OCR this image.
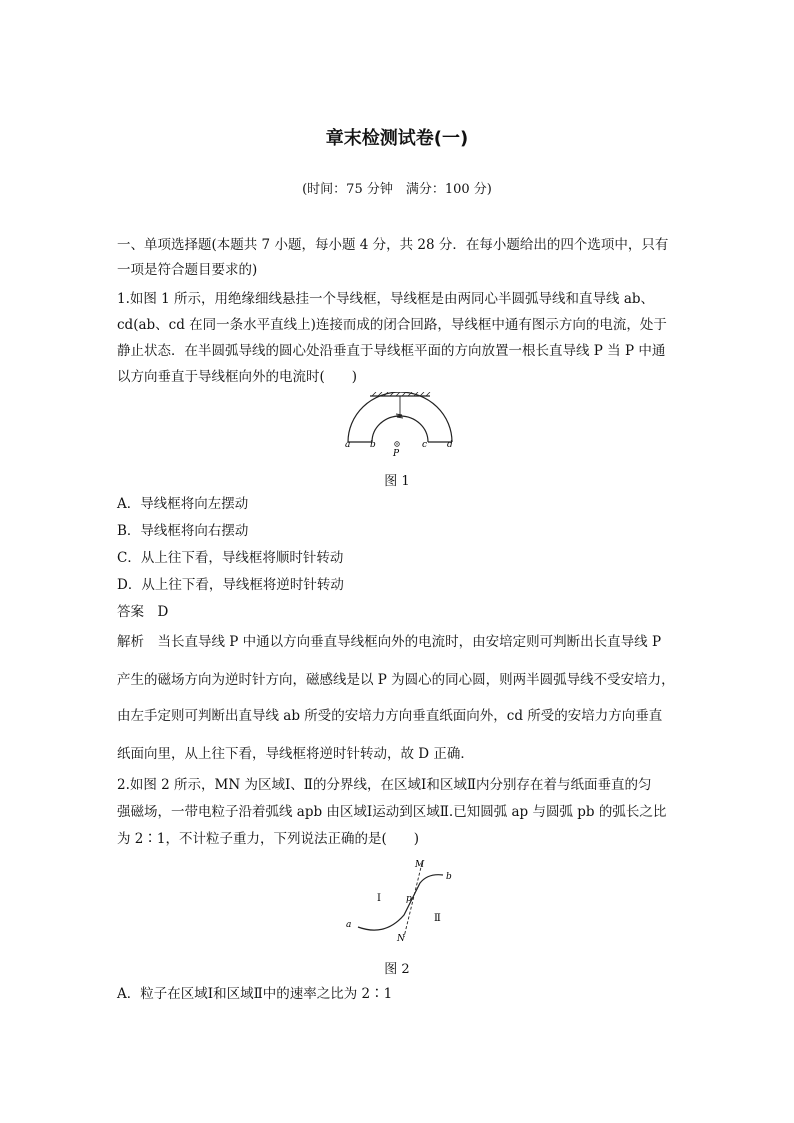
章末检测试卷(一)
(时间：75 分钟　满分：100 分)
一、单项选择题(本题共 7 小题，每小题 4 分，共 28 分．在每小题给出的四个选项中，只有
一项是符合题目要求的)
1.如图 1 所示，用绝缘细线悬挂一个导线框，导线框是由两同心半圆弧导线和直导线 ab、
cd(ab、cd 在同一条水平直线上)连接而成的闭合回路，导线框中通有图示方向的电流，处于
静止状态．在半圆弧导线的圆心处沿垂直于导线框平面的方向放置一根长直导线 P 当 P 中通
以方向垂直于导线框向外的电流时(　　)
a b	c d
P
图 1
A．导线框将向左摆动
B．导线框将向右摆动
C．从上往下看，导线框将顺时针转动
D．从上往下看，导线框将逆时针转动
答案　D
解析　当长直导线 P 中通以方向垂直导线框向外的电流时，由安培定则可判断出长直导线 P
产生的磁场方向为逆时针方向，磁感线是以 P 为圆心的同心圆，则两半圆弧导线不受安培力，
由左手定则可判断出直导线 ab 所受的安培力方向垂直纸面向外，cd 所受的安培力方向垂直
纸面向里，从上往下看，导线框将逆时针转动，故 D 正确．
2.如图 2 所示，MN 为区域Ⅰ、Ⅱ的分界线，在区域Ⅰ和区域Ⅱ内分别存在着与纸面垂直的匀
强磁场，一带电粒子沿着弧线 apb 由区域Ⅰ运动到区域Ⅱ.已知圆弧 ap 与圆弧 pb 的弧长之比
为 2∶1，不计粒子重力，下列说法正确的是(　　)
M
N
a
b
p
Ⅰ
Ⅱ
图 2
A．粒子在区域Ⅰ和区域Ⅱ中的速率之比为 2∶1
